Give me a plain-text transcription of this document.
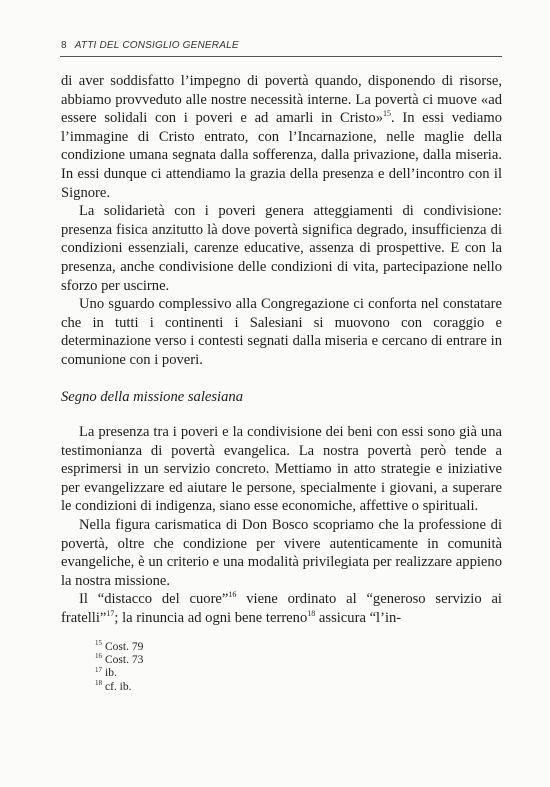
8 ATTI DEL CONSIGLIO GENERALE

di aver soddisfatto l’impegno di povertà quando, disponendo di risorse, abbiamo provveduto alle nostre necessità interne. La povertà ci muove «ad essere solidali con i poveri e ad amarli in Cristo»$^{15}$. In essi vediamo l’immagine di Cristo entrato, con l’Incarnazione, nelle maglie della condizione umana segnata dalla sofferenza, dalla privazione, dalla miseria. In essi dunque ci attendiamo la grazia della presenza e dell’incontro con il Signore.

La solidarietà con i poveri genera atteggiamenti di condivisione: presenza fisica anzitutto là dove povertà significa degrado, insufficienza di condizioni essenziali, carenze educative, assenza di prospettive. E con la presenza, anche condivisione delle condizioni di vita, partecipazione nello sforzo per uscirne.

Uno sguardo complessivo alla Congregazione ci conforta nel constatare che in tutti i continenti i Salesiani si muovono con coraggio e determinazione verso i contesti segnati dalla miseria e cercano di entrare in comunione con i poveri.

Segno della missione salesiana

La presenza tra i poveri e la condivisione dei beni con essi sono già una testimonianza di povertà evangelica. La nostra povertà però tende a esprimersi in un servizio concreto. Mettiamo in atto strategie e iniziative per evangelizzare ed aiutare le persone, specialmente i giovani, a superare le condizioni di indigenza, siano esse economiche, affettive o spirituali.

Nella figura carismatica di Don Bosco scopriamo che la professione di povertà, oltre che condizione per vivere autenticamente in comunità evangeliche, è un criterio e una modalità privilegiata per realizzare appieno la nostra missione.

Il “distacco del cuore”$^{16}$ viene ordinato al “generoso servizio ai fratelli”$^{17}$; la rinuncia ad ogni bene terreno$^{18}$ assicura “l’in-

$^{15}$ Cost. 79
$^{16}$ Cost. 73
$^{17}$ ib.
$^{18}$ cf. ib.
